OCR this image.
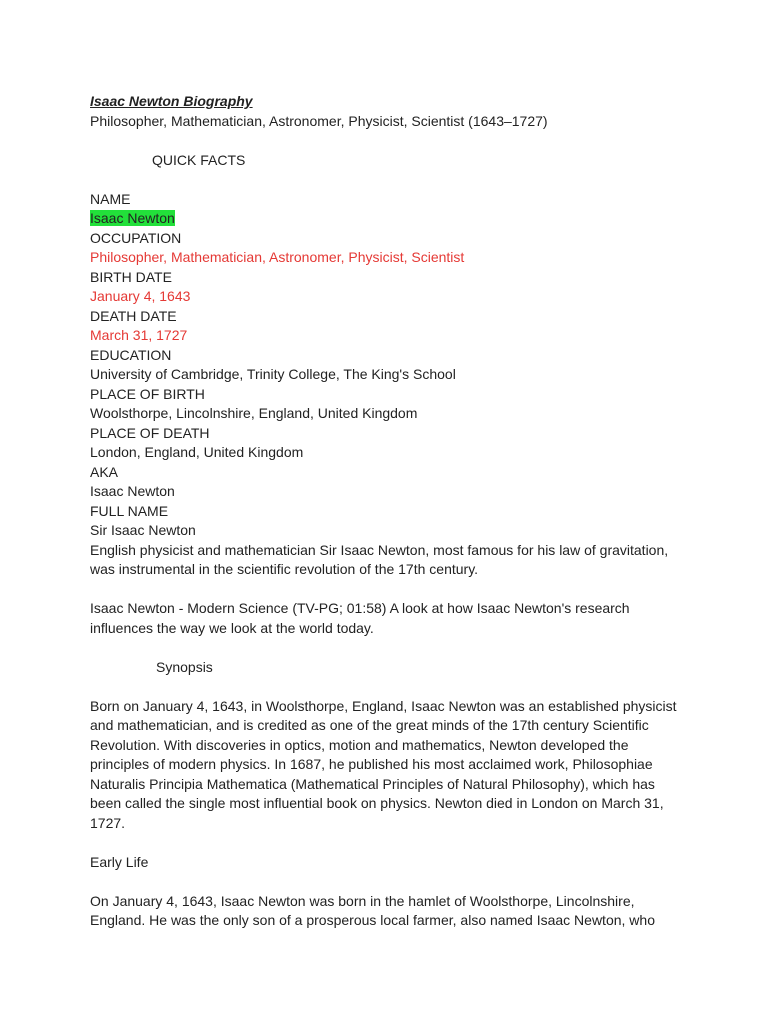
Isaac Newton Biography
Philosopher, Mathematician, Astronomer, Physicist, Scientist (1643–1727)
QUICK FACTS
NAME
Isaac Newton
OCCUPATION
Philosopher, Mathematician, Astronomer, Physicist, Scientist
BIRTH DATE
January 4, 1643
DEATH DATE
March 31, 1727
EDUCATION
University of Cambridge, Trinity College, The King's School
PLACE OF BIRTH
Woolsthorpe, Lincolnshire, England, United Kingdom
PLACE OF DEATH
London, England, United Kingdom
AKA
Isaac Newton
FULL NAME
Sir Isaac Newton
English physicist and mathematician Sir Isaac Newton, most famous for his law of gravitation,
was instrumental in the scientific revolution of the 17th century.
Isaac Newton - Modern Science (TV-PG; 01:58) A look at how Isaac Newton's research
influences the way we look at the world today.
Synopsis
Born on January 4, 1643, in Woolsthorpe, England, Isaac Newton was an established physicist
and mathematician, and is credited as one of the great minds of the 17th century Scientific
Revolution. With discoveries in optics, motion and mathematics, Newton developed the
principles of modern physics. In 1687, he published his most acclaimed work, Philosophiae
Naturalis Principia Mathematica (Mathematical Principles of Natural Philosophy), which has
been called the single most influential book on physics. Newton died in London on March 31,
1727.
Early Life
On January 4, 1643, Isaac Newton was born in the hamlet of Woolsthorpe, Lincolnshire,
England. He was the only son of a prosperous local farmer, also named Isaac Newton, who
